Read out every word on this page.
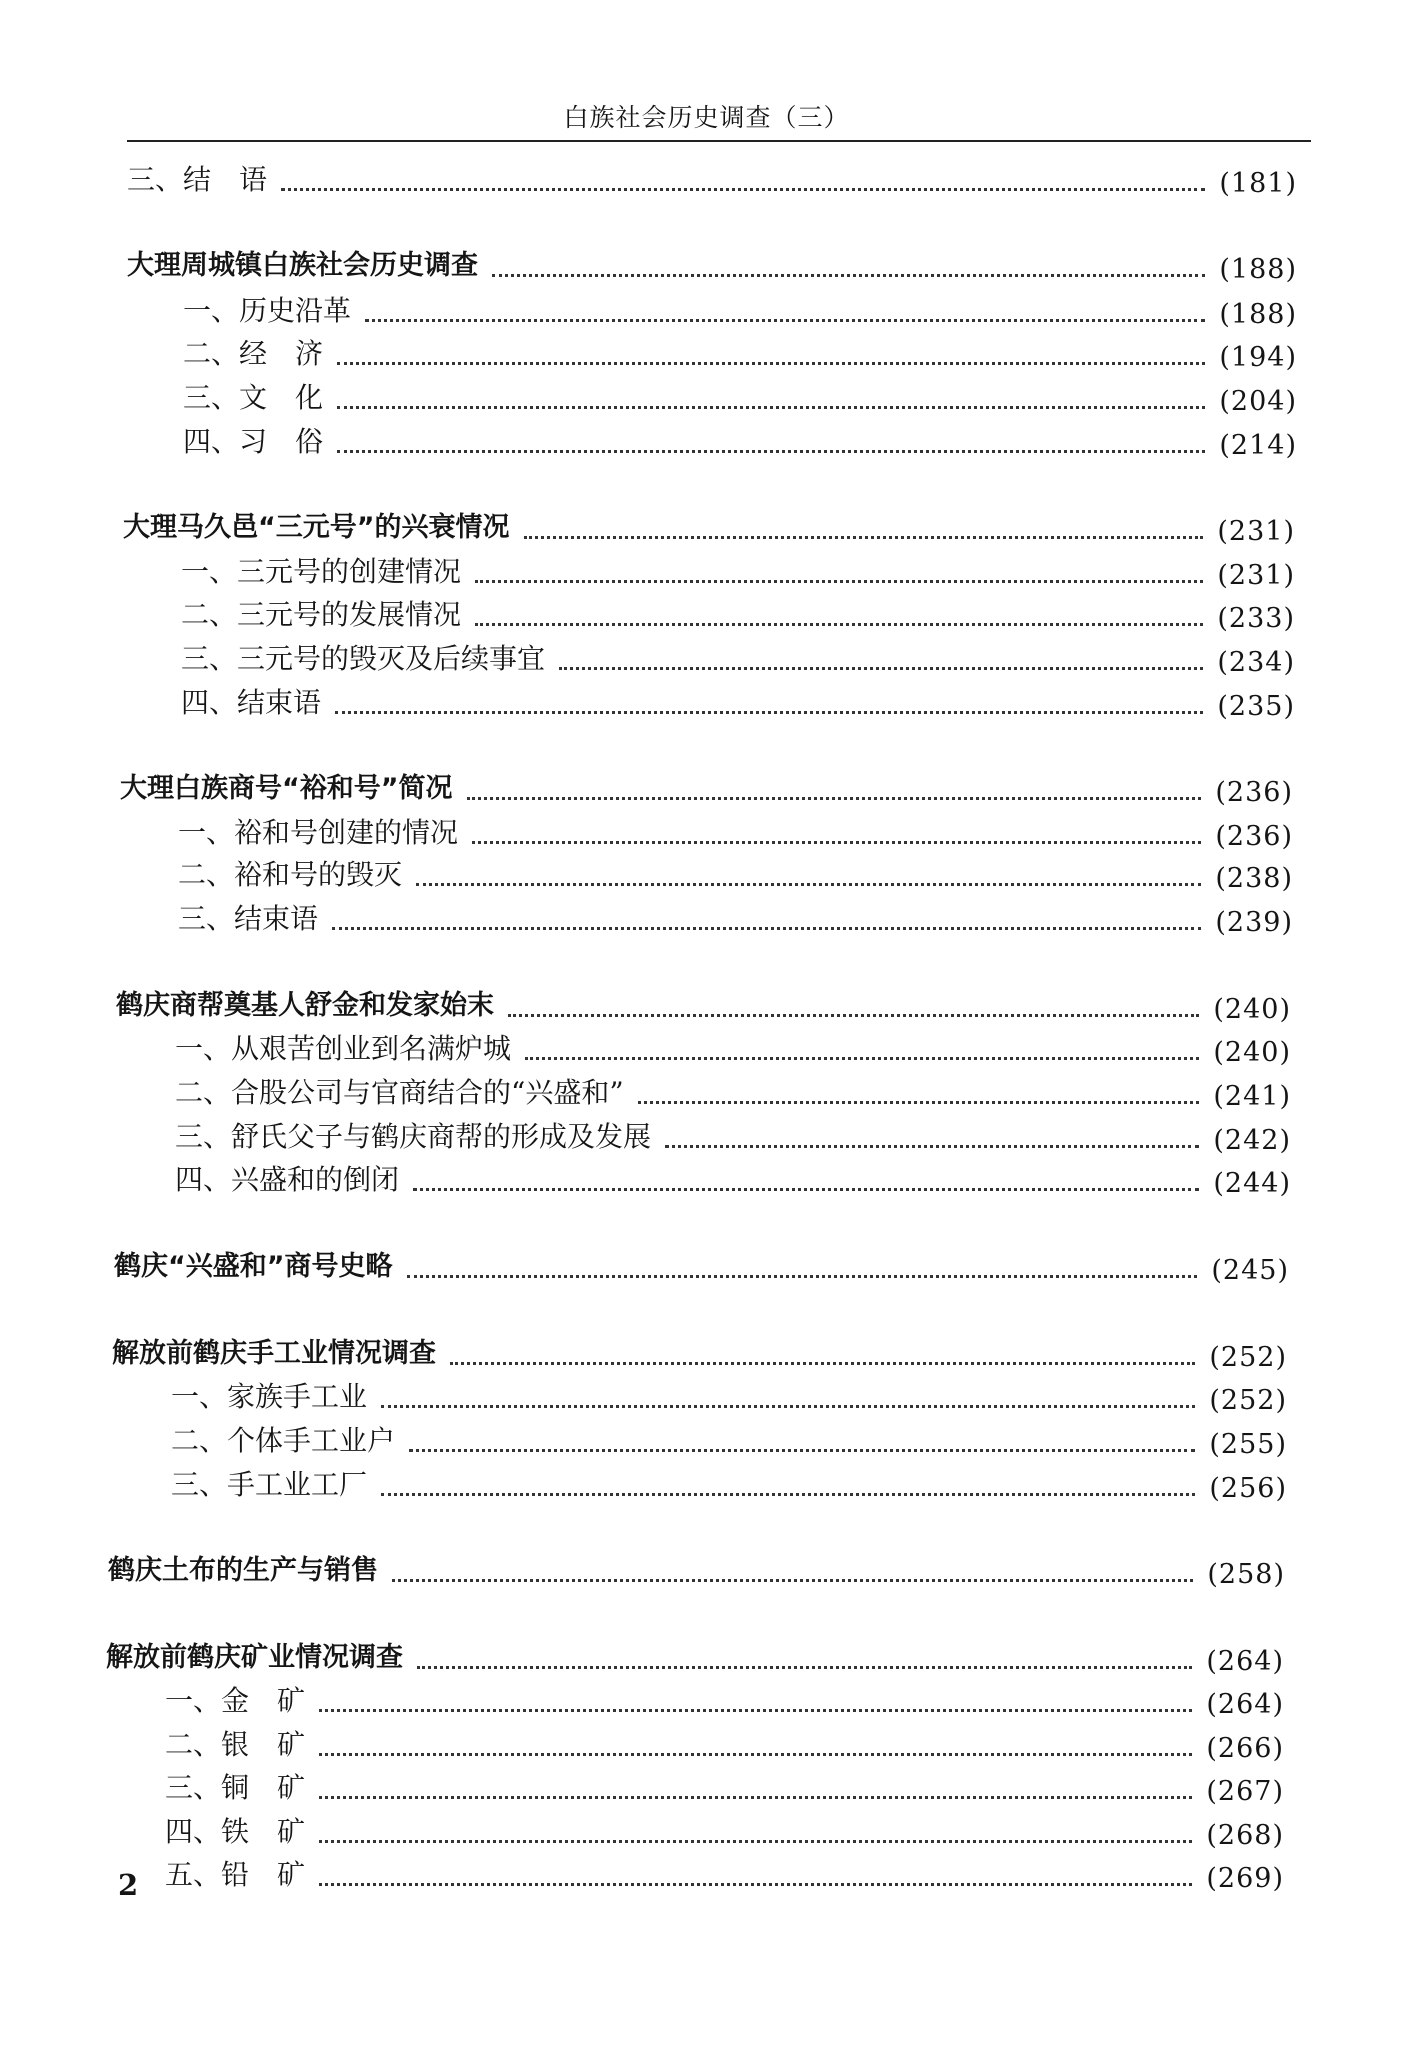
白族社会历史调查（三）
三、结　语	(181)
大理周城镇白族社会历史调查	(188)
一、历史沿革	(188)
二、经　济	(194)
三、文　化	(204)
四、习　俗	(214)
大理马久邑“三元号”的兴衰情况	(231)
一、三元号的创建情况	(231)
二、三元号的发展情况	(233)
三、三元号的毁灭及后续事宜	(234)
四、结束语	(235)
大理白族商号“裕和号”简况	(236)
一、裕和号创建的情况	(236)
二、裕和号的毁灭	(238)
三、结束语	(239)
鹤庆商帮奠基人舒金和发家始末	(240)
一、从艰苦创业到名满炉城	(240)
二、合股公司与官商结合的“兴盛和”	(241)
三、舒氏父子与鹤庆商帮的形成及发展	(242)
四、兴盛和的倒闭	(244)
鹤庆“兴盛和”商号史略	(245)
解放前鹤庆手工业情况调查	(252)
一、家族手工业	(252)
二、个体手工业户	(255)
三、手工业工厂	(256)
鹤庆土布的生产与销售	(258)
解放前鹤庆矿业情况调查	(264)
一、金　矿	(264)
二、银　矿	(266)
三、铜　矿	(267)
四、铁　矿	(268)
五、铅　矿	(269)
2
